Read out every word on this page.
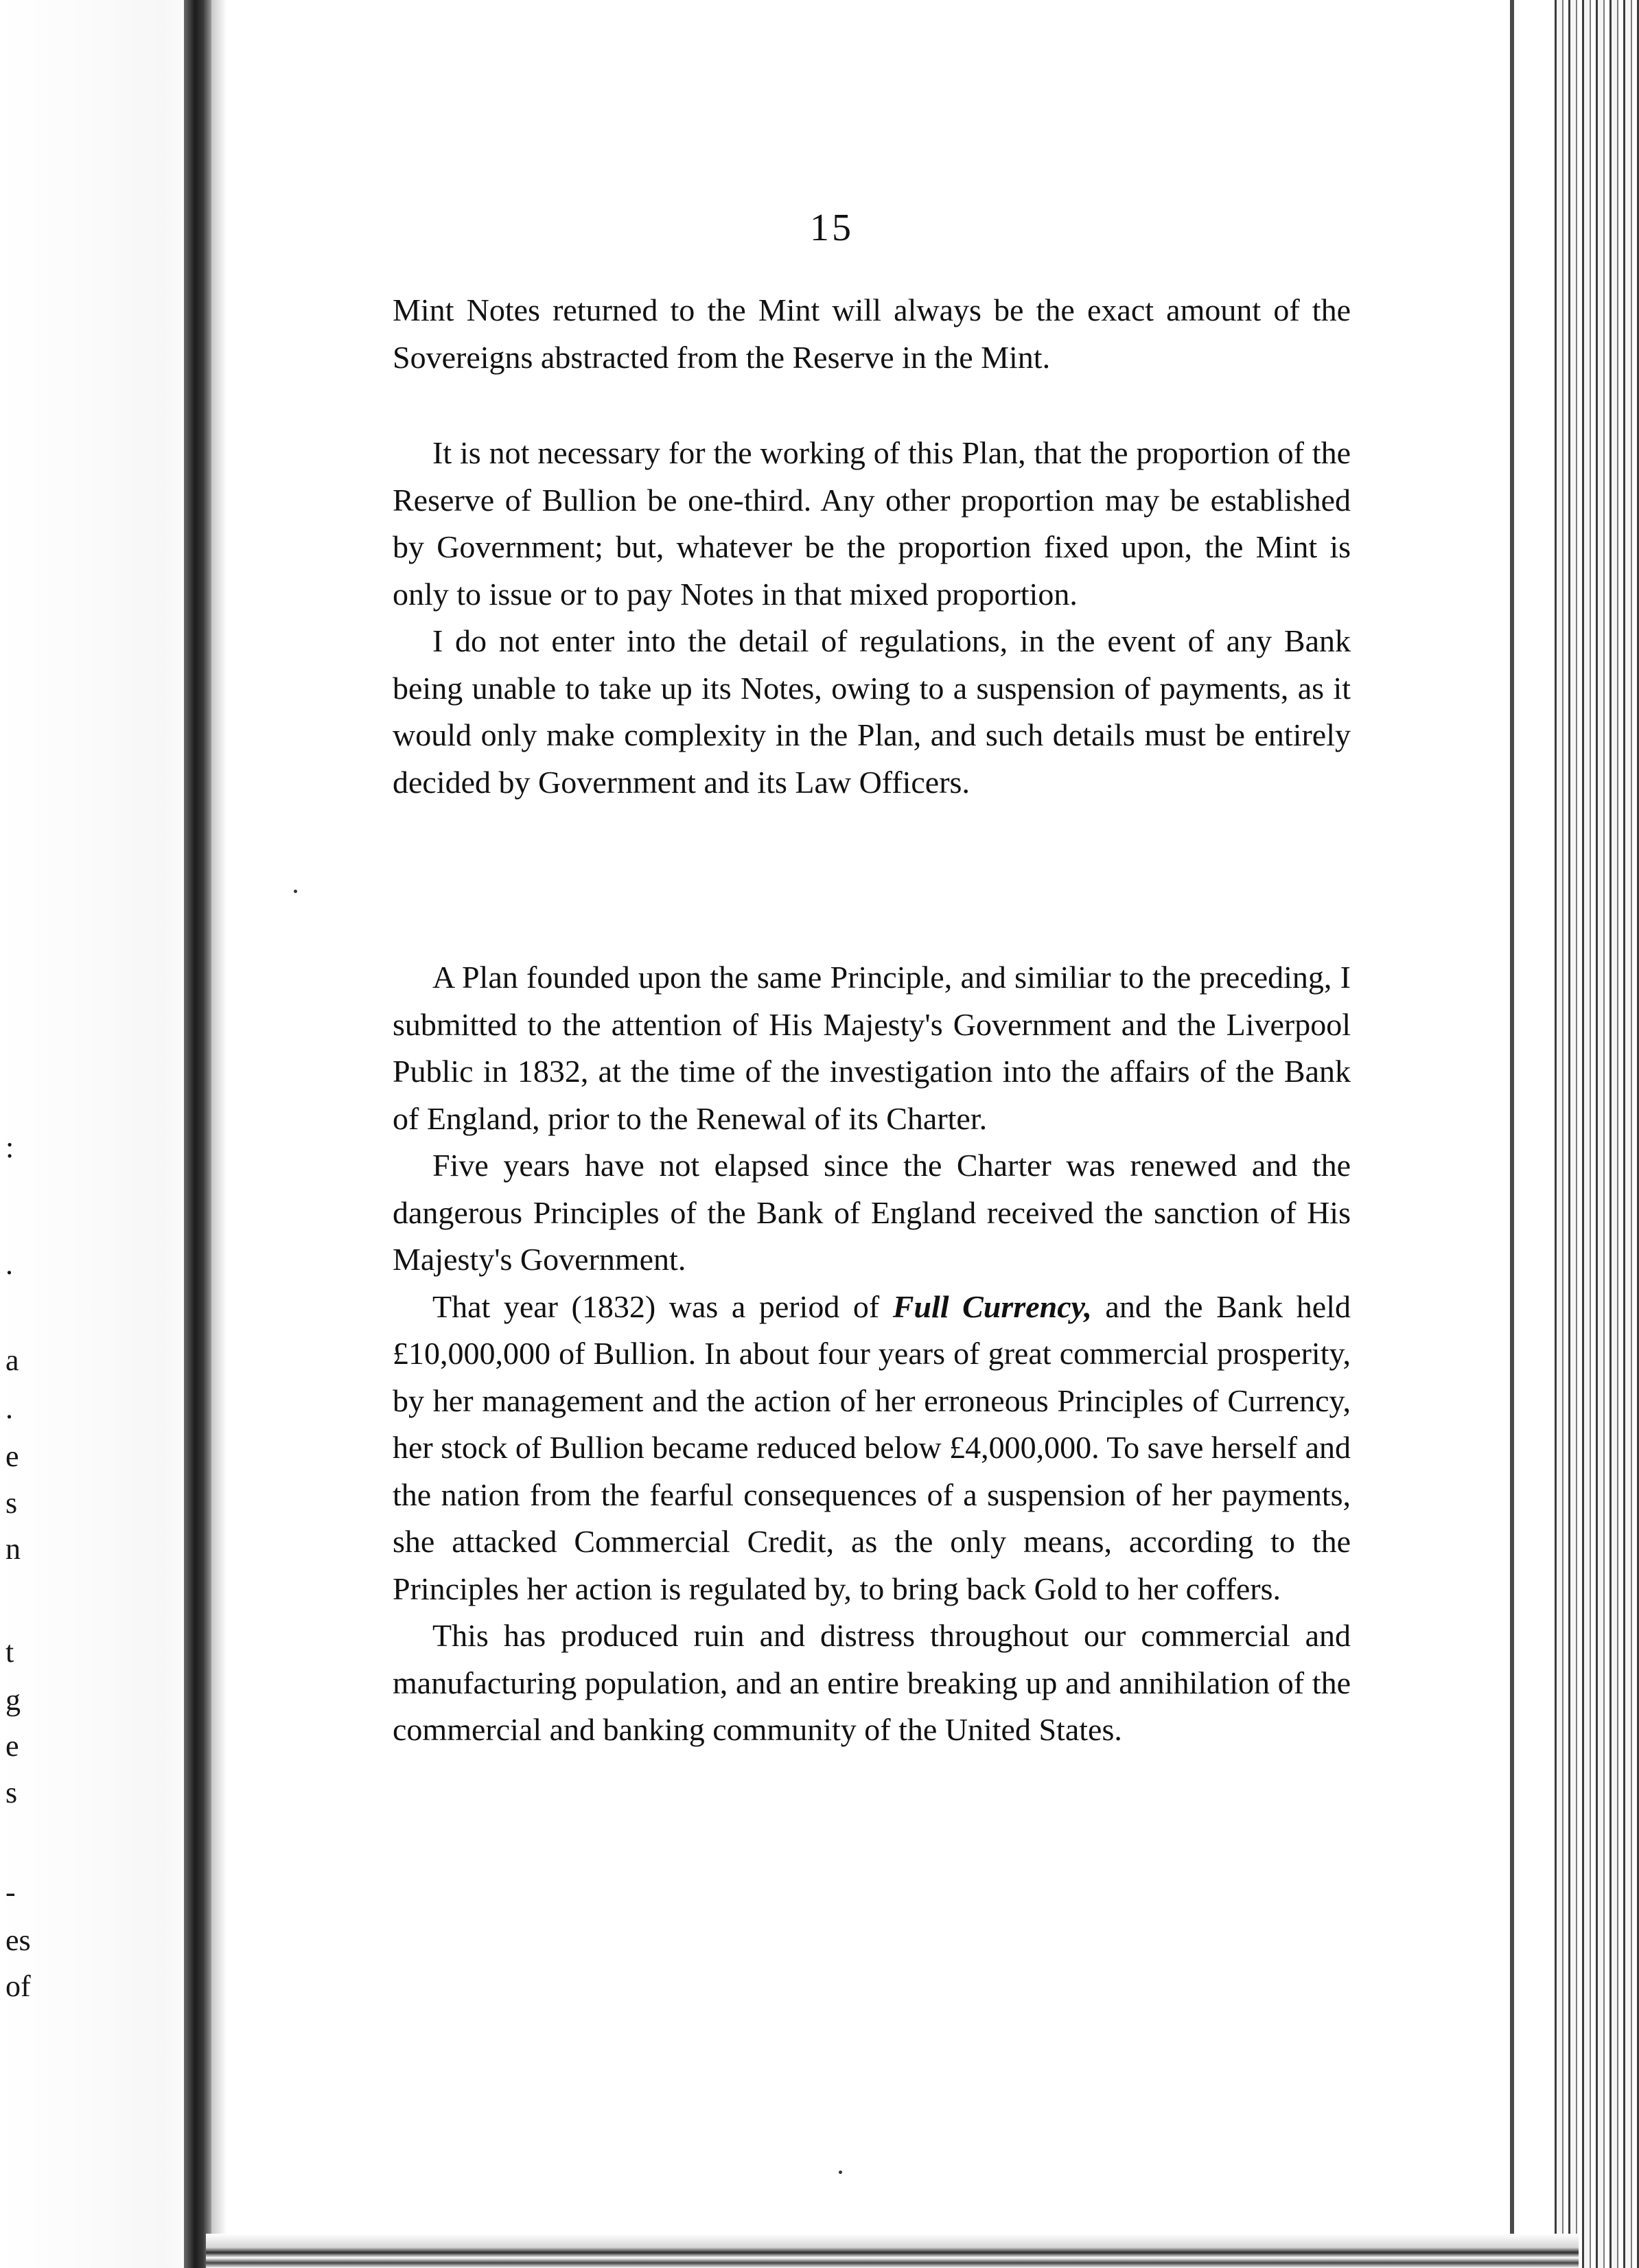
:
.
a
.
e
s
n
t
g
e
s
-
es
of
15

Mint Notes returned to the Mint will always be the exact amount of the Sovereigns abstracted from the Reserve in the Mint.

It is not necessary for the working of this Plan, that the proportion of the Reserve of Bullion be one-third. Any other proportion may be established by Government; but, whatever be the proportion fixed upon, the Mint is only to issue or to pay Notes in that mixed proportion.

I do not enter into the detail of regulations, in the event of any Bank being unable to take up its Notes, owing to a suspension of payments, as it would only make complexity in the Plan, and such details must be entirely decided by Government and its Law Officers.

A Plan founded upon the same Principle, and similiar to the preceding, I submitted to the attention of His Majesty's Government and the Liverpool Public in 1832, at the time of the investigation into the affairs of the Bank of England, prior to the Renewal of its Charter.

Five years have not elapsed since the Charter was renewed and the dangerous Principles of the Bank of England received the sanction of His Majesty's Government.

That year (1832) was a period of Full Currency, and the Bank held £10,000,000 of Bullion. In about four years of great commercial prosperity, by her management and the action of her erroneous Principles of Currency, her stock of Bullion became reduced below £4,000,000. To save herself and the nation from the fearful consequences of a suspension of her payments, she attacked Commercial Credit, as the only means, according to the Principles her action is regulated by, to bring back Gold to her coffers.

This has produced ruin and distress throughout our commercial and manufacturing population, and an entire breaking up and annihilation of the commercial and banking community of the United States.
